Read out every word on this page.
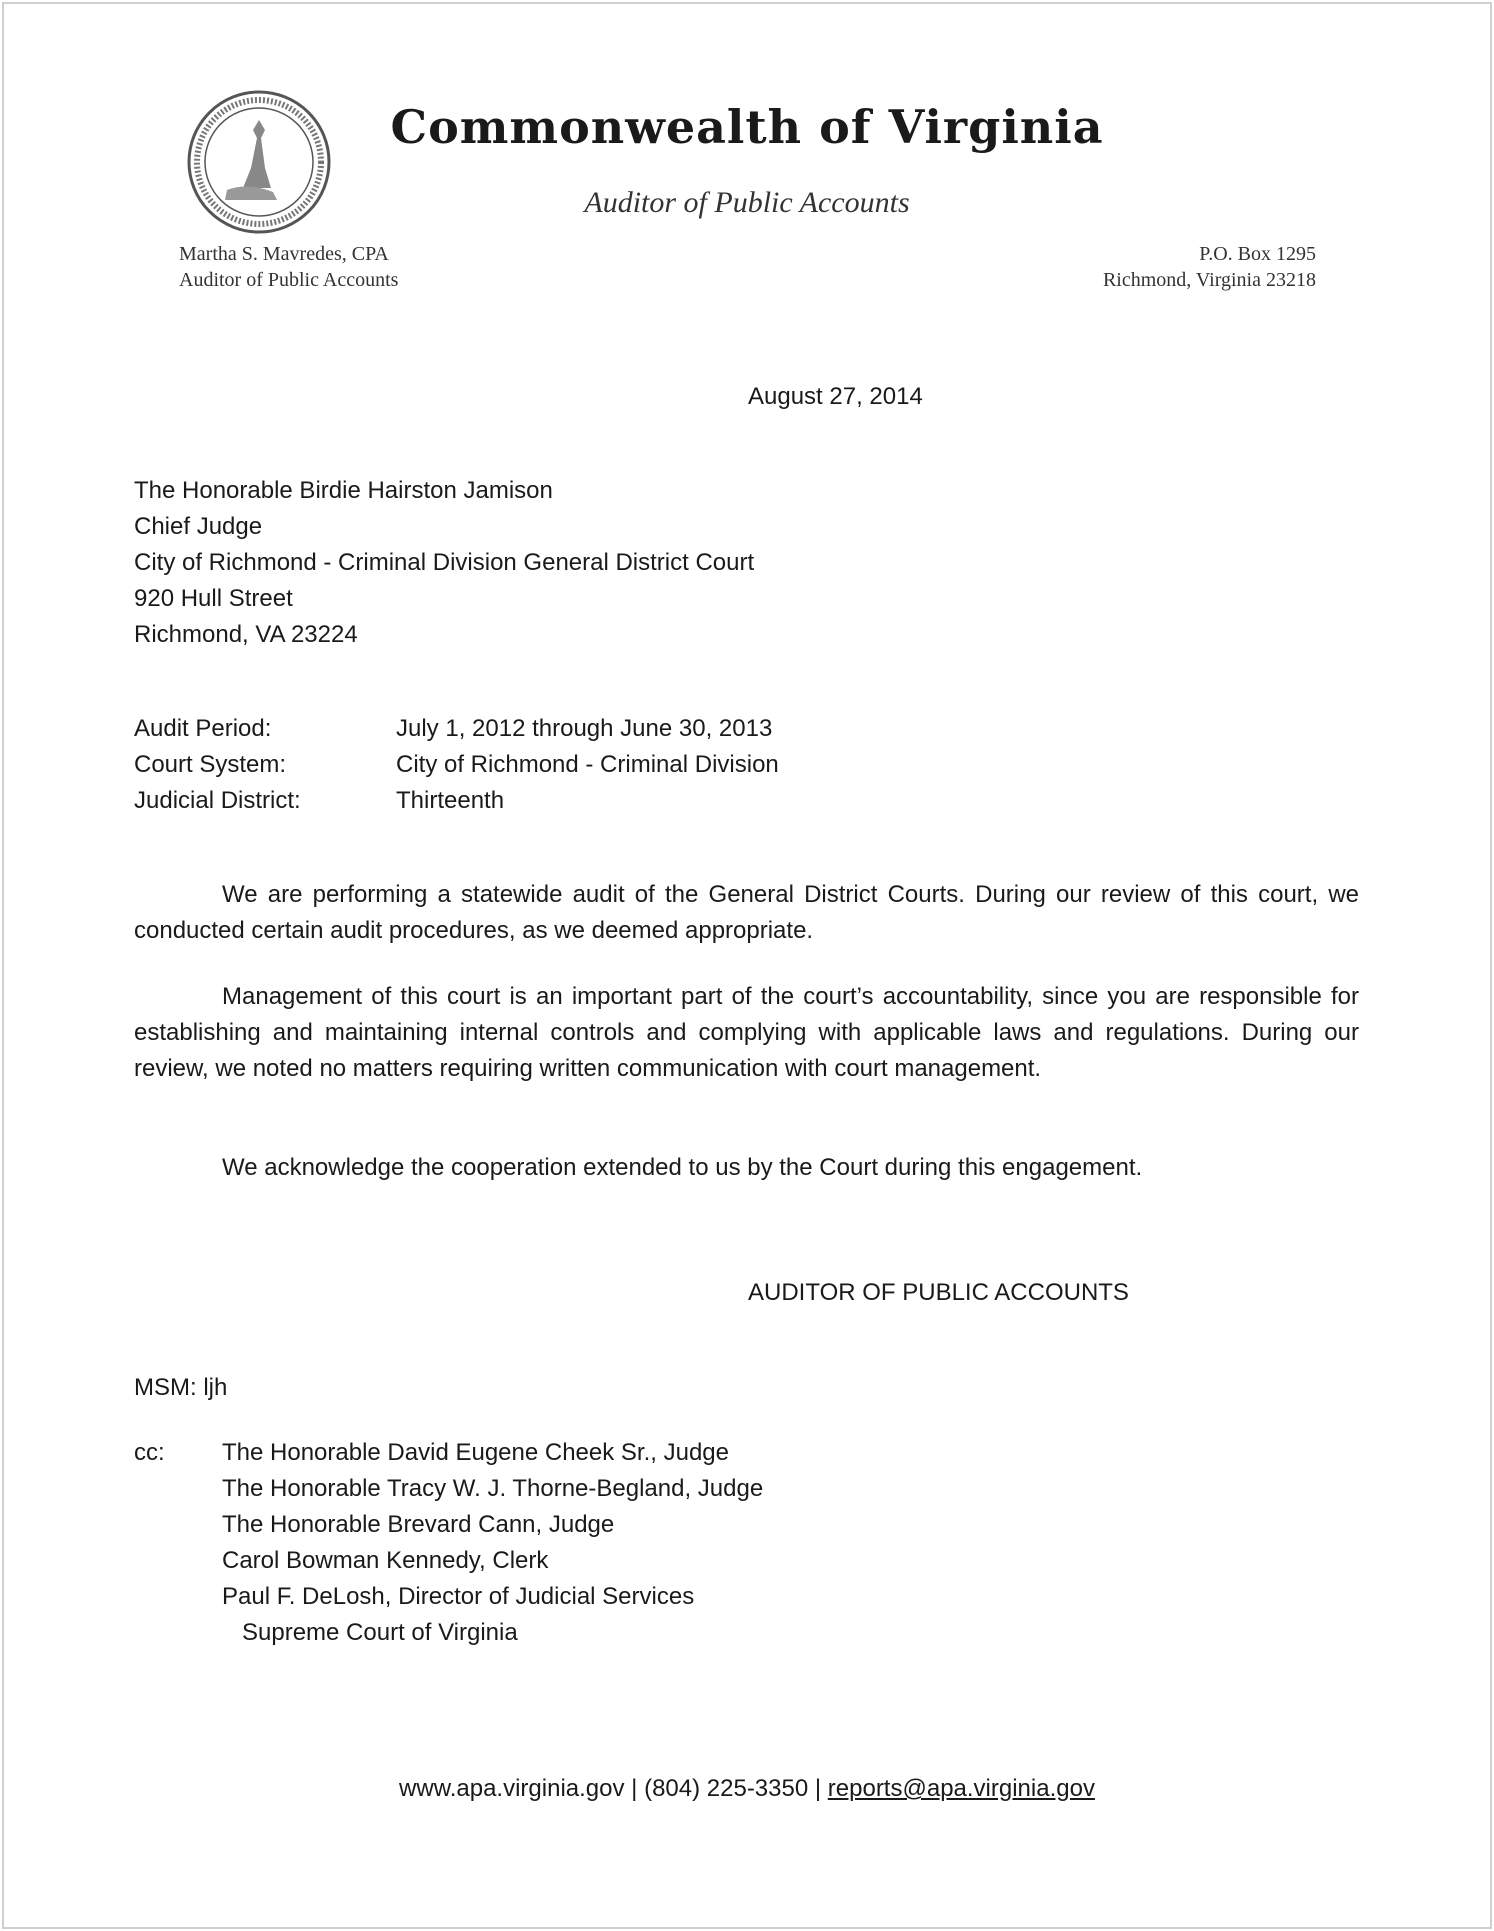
Commonwealth of Virginia
Auditor of Public Accounts
Martha S. Mavredes, CPA
Auditor of Public Accounts
P.O. Box 1295
Richmond, Virginia 23218
August 27, 2014
The Honorable Birdie Hairston Jamison
Chief Judge
City of Richmond - Criminal Division General District Court
920 Hull Street
Richmond, VA 23224
Audit Period:	July 1, 2012 through June 30, 2013
Court System:	City of Richmond - Criminal Division
Judicial District:	Thirteenth

We are performing a statewide audit of the General District Courts. During our review of this court, we conducted certain audit procedures, as we deemed appropriate.

Management of this court is an important part of the court’s accountability, since you are responsible for establishing and maintaining internal controls and complying with applicable laws and regulations. During our review, we noted no matters requiring written communication with court management.

We acknowledge the cooperation extended to us by the Court during this engagement.

AUDITOR OF PUBLIC ACCOUNTS
MSM: ljh
cc:	The Honorable David Eugene Cheek Sr., Judge
The Honorable Tracy W. J. Thorne-Begland, Judge
The Honorable Brevard Cann, Judge
Carol Bowman Kennedy, Clerk
Paul F. DeLosh, Director of Judicial Services
Supreme Court of Virginia
www.apa.virginia.gov | (804) 225-3350 | reports@apa.virginia.gov
